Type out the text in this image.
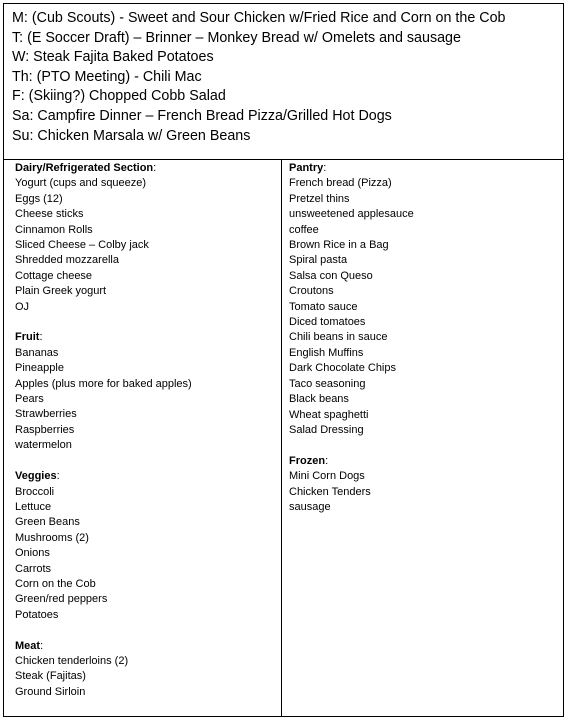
M: (Cub Scouts) - Sweet and Sour Chicken w/Fried Rice and Corn on the Cob
T: (E Soccer Draft) – Brinner – Monkey Bread w/ Omelets and sausage
W: Steak Fajita Baked Potatoes
Th: (PTO Meeting) - Chili Mac
F: (Skiing?) Chopped Cobb Salad
Sa: Campfire Dinner – French Bread Pizza/Grilled Hot Dogs
Su: Chicken Marsala w/ Green Beans
Dairy/Refrigerated Section:
Yogurt (cups and squeeze)
Eggs (12)
Cheese sticks
Cinnamon Rolls
Sliced Cheese – Colby jack
Shredded mozzarella
Cottage cheese
Plain Greek yogurt
OJ
Fruit:
Bananas
Pineapple
Apples (plus more for baked apples)
Pears
Strawberries
Raspberries
watermelon
Veggies:
Broccoli
Lettuce
Green Beans
Mushrooms (2)
Onions
Carrots
Corn on the Cob
Green/red peppers
Potatoes
Meat:
Chicken tenderloins (2)
Steak (Fajitas)
Ground Sirloin
Pantry:
French bread (Pizza)
Pretzel thins
unsweetened applesauce
coffee
Brown Rice in a Bag
Spiral pasta
Salsa con Queso
Croutons
Tomato sauce
Diced tomatoes
Chili beans in sauce
English Muffins
Dark Chocolate Chips
Taco seasoning
Black beans
Wheat spaghetti
Salad Dressing
Frozen:
Mini Corn Dogs
Chicken Tenders
sausage
